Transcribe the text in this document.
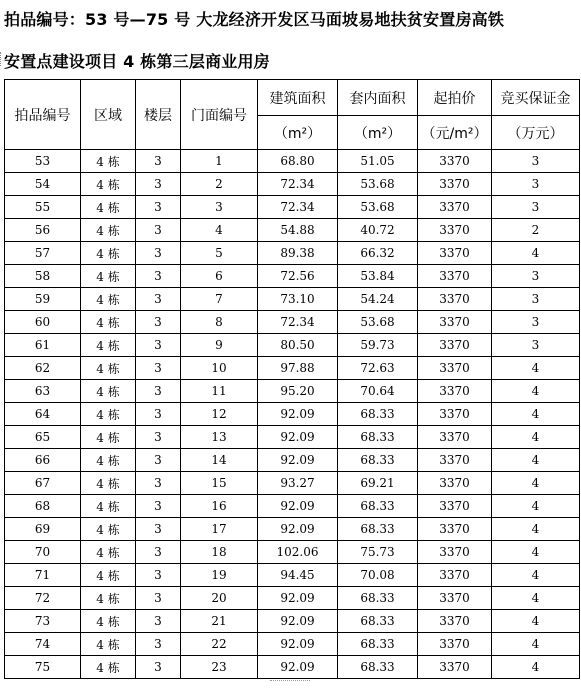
拍品编号：53 号—75 号 大龙经济开发区马面坡易地扶贫安置房高铁
安置点建设项目 4 栋第三层商业用房
拍品编号	区域	楼层	门面编号	建筑面积	套内面积	起拍价	竞买保证金
				（m²）	（m²）	（元/m²）	（万元）
53	4 栋	3	1	68.80	51.05	3370	3
54	4 栋	3	2	72.34	53.68	3370	3
55	4 栋	3	3	72.34	53.68	3370	3
56	4 栋	3	4	54.88	40.72	3370	2
57	4 栋	3	5	89.38	66.32	3370	4
58	4 栋	3	6	72.56	53.84	3370	3
59	4 栋	3	7	73.10	54.24	3370	3
60	4 栋	3	8	72.34	53.68	3370	3
61	4 栋	3	9	80.50	59.73	3370	3
62	4 栋	3	10	97.88	72.63	3370	4
63	4 栋	3	11	95.20	70.64	3370	4
64	4 栋	3	12	92.09	68.33	3370	4
65	4 栋	3	13	92.09	68.33	3370	4
66	4 栋	3	14	92.09	68.33	3370	4
67	4 栋	3	15	93.27	69.21	3370	4
68	4 栋	3	16	92.09	68.33	3370	4
69	4 栋	3	17	92.09	68.33	3370	4
70	4 栋	3	18	102.06	75.73	3370	4
71	4 栋	3	19	94.45	70.08	3370	4
72	4 栋	3	20	92.09	68.33	3370	4
73	4 栋	3	21	92.09	68.33	3370	4
74	4 栋	3	22	92.09	68.33	3370	4
75	4 栋	3	23	92.09	68.33	3370	4
